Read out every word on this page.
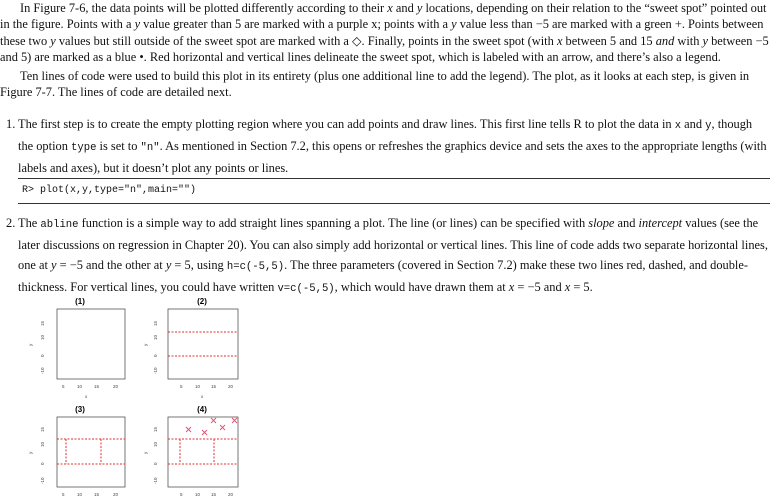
In Figure 7-6, the data points will be plotted differently according to their x and y locations, depending on their relation to the “sweet spot” pointed out in the figure. Points with a y value greater than 5 are marked with a purple x; points with a y value less than −5 are marked with a green +. Points between these two y values but still outside of the sweet spot are marked with a ◇. Finally, points in the sweet spot (with x between 5 and 15 and with y between −5 and 5) are marked as a blue •. Red horizontal and vertical lines delineate the sweet spot, which is labeled with an arrow, and there’s also a legend.

Ten lines of code were used to build this plot in its entirety (plus one additional line to add the legend). The plot, as it looks at each step, is given in Figure 7-7. The lines of code are detailed next.

1. The first step is to create the empty plotting region where you can add points and draw lines. This first line tells R to plot the data in x and y, though the option type is set to "n". As mentioned in Section 7.2, this opens or refreshes the graphics device and sets the axes to the appropriate lengths (with labels and axes), but it doesn’t plot any points or lines.
R> plot(x,y,type="n",main="")
2. The abline function is a simple way to add straight lines spanning a plot. The line (or lines) can be specified with slope and intercept values (see the later discussions on regression in Chapter 20). You can also simply add horizontal or vertical lines. This line of code adds two separate horizontal lines, one at y = −5 and the other at y = 5, using h=c(-5,5). The three parameters (covered in Section 7.2) make these two lines red, dashed, and double-thickness. For vertical lines, you could have written v=c(-5,5), which would have drawn them at x = −5 and x = 5.
(1)
5	10	15	20
x
-10
0
10
15
y
(3)
5	10	15	20
-10
0
10
15
y
(2)
5	10 15	20
x
-10
0
10
15
y
(4)
5	10 15	20
-10
0
10
15
y
